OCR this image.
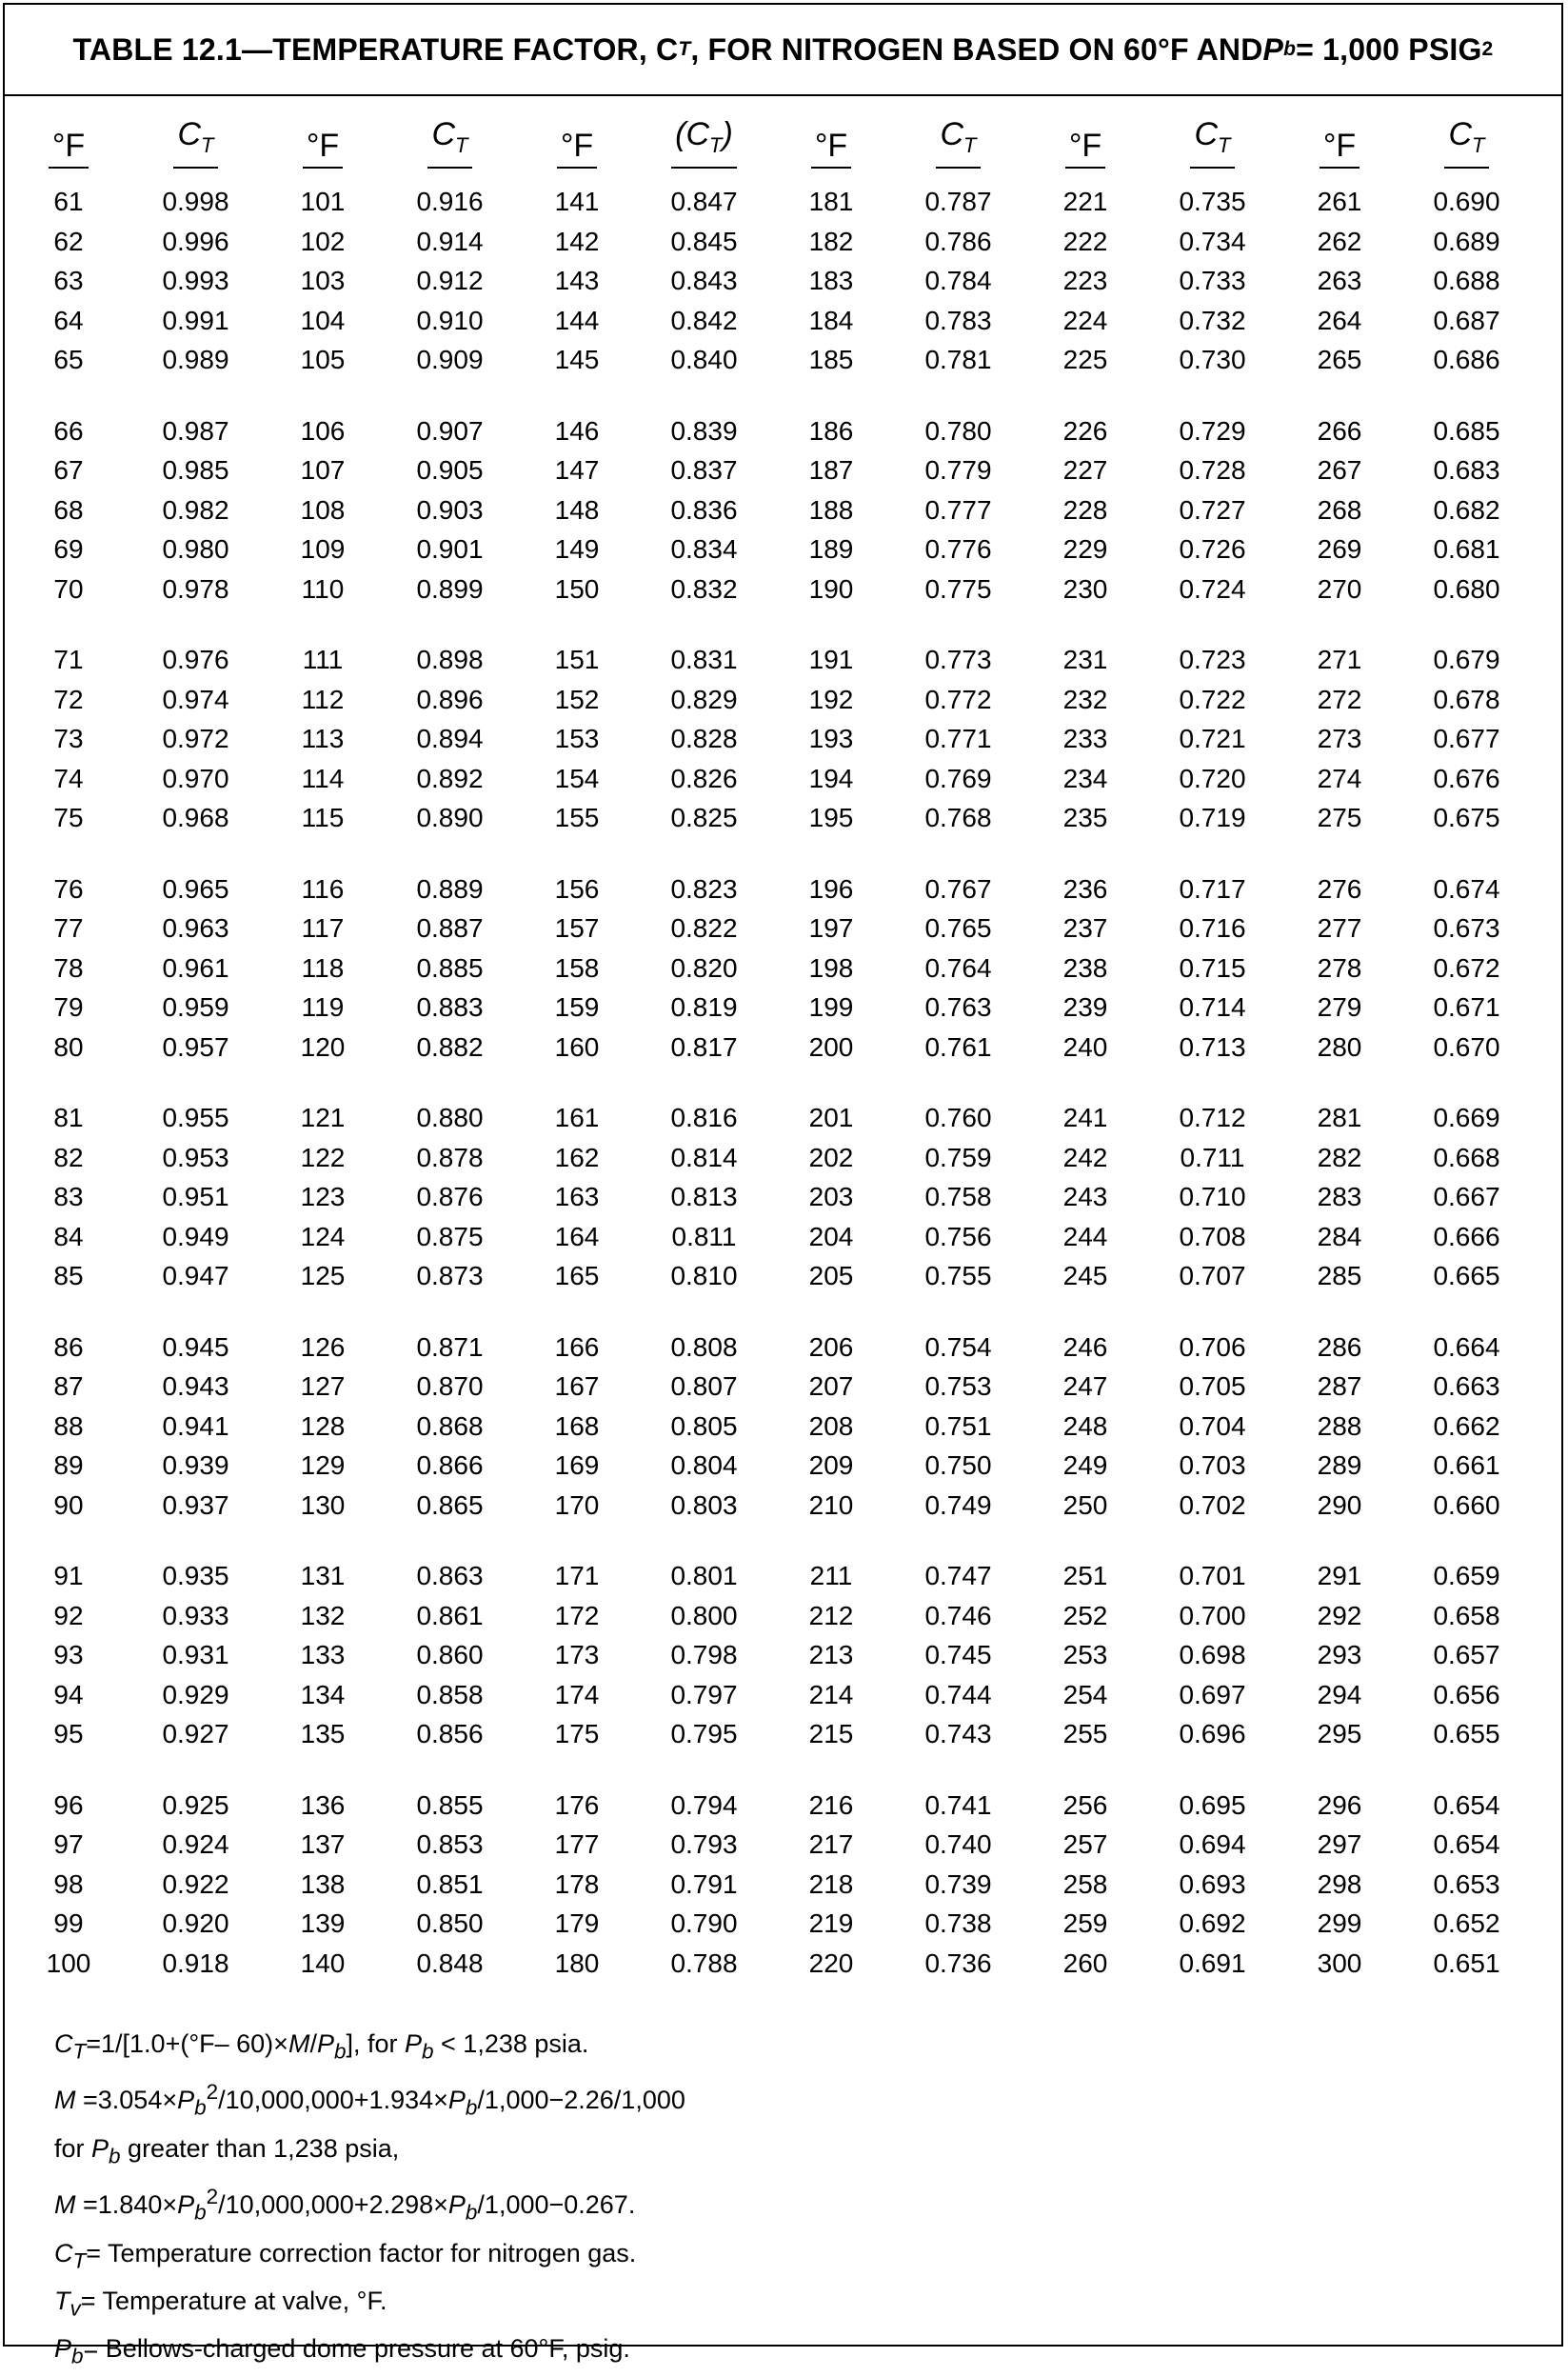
TABLE 12.1—TEMPERATURE FACTOR, C T , FOR NITROGEN BASED ON 60°F AND P b = 1,000 PSIG 2
°F	$C_T$	°F	$C_T$	°F	$(C_T)$	°F	$C_T$	°F	$C_T$	°F	$C_T$
61	0.998	101	0.916	141	0.847	181	0.787	221	0.735	261	0.690
62	0.996	102	0.914	142	0.845	182	0.786	222	0.734	262	0.689
63	0.993	103	0.912	143	0.843	183	0.784	223	0.733	263	0.688
64	0.991	104	0.910	144	0.842	184	0.783	224	0.732	264	0.687
65	0.989	105	0.909	145	0.840	185	0.781	225	0.730	265	0.686

66	0.987	106	0.907	146	0.839	186	0.780	226	0.729	266	0.685
67	0.985	107	0.905	147	0.837	187	0.779	227	0.728	267	0.683
68	0.982	108	0.903	148	0.836	188	0.777	228	0.727	268	0.682
69	0.980	109	0.901	149	0.834	189	0.776	229	0.726	269	0.681
70	0.978	110	0.899	150	0.832	190	0.775	230	0.724	270	0.680

71	0.976	111	0.898	151	0.831	191	0.773	231	0.723	271	0.679
72	0.974	112	0.896	152	0.829	192	0.772	232	0.722	272	0.678
73	0.972	113	0.894	153	0.828	193	0.771	233	0.721	273	0.677
74	0.970	114	0.892	154	0.826	194	0.769	234	0.720	274	0.676
75	0.968	115	0.890	155	0.825	195	0.768	235	0.719	275	0.675

76	0.965	116	0.889	156	0.823	196	0.767	236	0.717	276	0.674
77	0.963	117	0.887	157	0.822	197	0.765	237	0.716	277	0.673
78	0.961	118	0.885	158	0.820	198	0.764	238	0.715	278	0.672
79	0.959	119	0.883	159	0.819	199	0.763	239	0.714	279	0.671
80	0.957	120	0.882	160	0.817	200	0.761	240	0.713	280	0.670

81	0.955	121	0.880	161	0.816	201	0.760	241	0.712	281	0.669
82	0.953	122	0.878	162	0.814	202	0.759	242	0.711	282	0.668
83	0.951	123	0.876	163	0.813	203	0.758	243	0.710	283	0.667
84	0.949	124	0.875	164	0.811	204	0.756	244	0.708	284	0.666
85	0.947	125	0.873	165	0.810	205	0.755	245	0.707	285	0.665

86	0.945	126	0.871	166	0.808	206	0.754	246	0.706	286	0.664
87	0.943	127	0.870	167	0.807	207	0.753	247	0.705	287	0.663
88	0.941	128	0.868	168	0.805	208	0.751	248	0.704	288	0.662
89	0.939	129	0.866	169	0.804	209	0.750	249	0.703	289	0.661
90	0.937	130	0.865	170	0.803	210	0.749	250	0.702	290	0.660

91	0.935	131	0.863	171	0.801	211	0.747	251	0.701	291	0.659
92	0.933	132	0.861	172	0.800	212	0.746	252	0.700	292	0.658
93	0.931	133	0.860	173	0.798	213	0.745	253	0.698	293	0.657
94	0.929	134	0.858	174	0.797	214	0.744	254	0.697	294	0.656
95	0.927	135	0.856	175	0.795	215	0.743	255	0.696	295	0.655

96	0.925	136	0.855	176	0.794	216	0.741	256	0.695	296	0.654
97	0.924	137	0.853	177	0.793	217	0.740	257	0.694	297	0.654
98	0.922	138	0.851	178	0.791	218	0.739	258	0.693	298	0.653
99	0.920	139	0.850	179	0.790	219	0.738	259	0.692	299	0.652
100	0.918	140	0.848	180	0.788	220	0.736	260	0.691	300	0.651
$C_T=1/[1.0+(^\circ F-$ $60)\times M/P_b$], for $P_b < 1,238$ psia.
$M =3.054\times P_b^2/10,000,000+1.934\times P_b/1,000-2.26/1,000$
for $P_b$ greater than 1,238 psia,
$M =1.840\times P_b^2/10,000,000+2.298\times P_b/1,000-0.267$.
$C_T=$ Temperature correction factor for nitrogen gas.
$T_v=$ Temperature at valve, °F.
$P_b=$ Bellows-charged dome pressure at 60°F, psig.
